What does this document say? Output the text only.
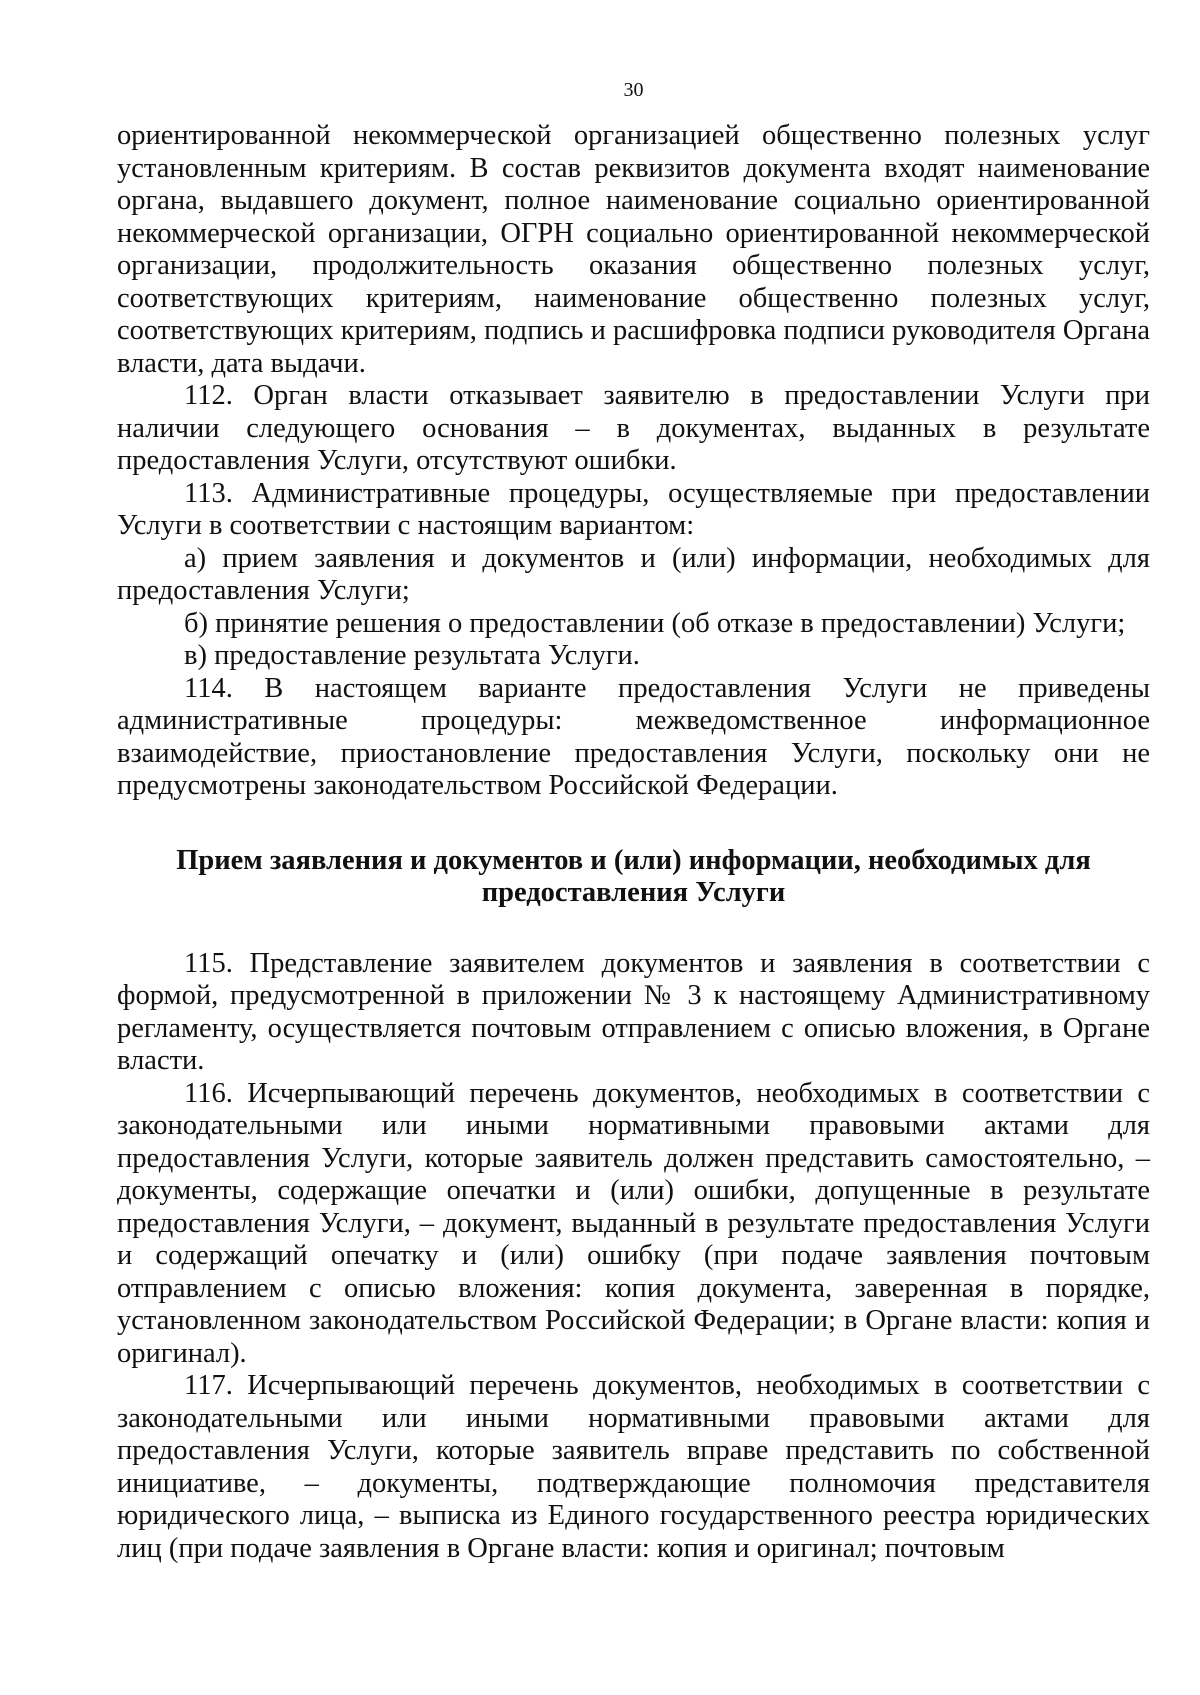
30

ориентированной некоммерческой организацией общественно полезных услуг установленным критериям. В состав реквизитов документа входят наименование органа, выдавшего документ, полное наименование социально ориентированной некоммерческой организации, ОГРН социально ориентированной некоммерческой организации, продолжительность оказания общественно полезных услуг, соответствующих критериям, наименование общественно полезных услуг, соответствующих критериям, подпись и расшифровка подписи руководителя Органа власти, дата выдачи.

112. Орган власти отказывает заявителю в предоставлении Услуги при наличии следующего основания – в документах, выданных в результате предоставления Услуги, отсутствуют ошибки.

113. Административные процедуры, осуществляемые при предоставлении Услуги в соответствии с настоящим вариантом:

а) прием заявления и документов и (или) информации, необходимых для предоставления Услуги;

б) принятие решения о предоставлении (об отказе в предоставлении) Услуги;

в) предоставление результата Услуги.

114. В настоящем варианте предоставления Услуги не приведены административные процедуры: межведомственное информационное взаимодействие, приостановление предоставления Услуги, поскольку они не предусмотрены законодательством Российской Федерации.

Прием заявления и документов и (или) информации, необходимых для предоставления Услуги

115. Представление заявителем документов и заявления в соответствии с формой, предусмотренной в приложении № 3 к настоящему Административному регламенту, осуществляется почтовым отправлением с описью вложения, в Органе власти.

116. Исчерпывающий перечень документов, необходимых в соответствии с законодательными или иными нормативными правовыми актами для предоставления Услуги, которые заявитель должен представить самостоятельно, – документы, содержащие опечатки и (или) ошибки, допущенные в результате предоставления Услуги, – документ, выданный в результате предоставления Услуги и содержащий опечатку и (или) ошибку (при подаче заявления почтовым отправлением с описью вложения: копия документа, заверенная в порядке, установленном законодательством Российской Федерации; в Органе власти: копия и оригинал).

117. Исчерпывающий перечень документов, необходимых в соответствии с законодательными или иными нормативными правовыми актами для предоставления Услуги, которые заявитель вправе представить по собственной инициативе, – документы, подтверждающие полномочия представителя юридического лица, – выписка из Единого государственного реестра юридических лиц (при подаче заявления в Органе власти: копия и оригинал; почтовым
